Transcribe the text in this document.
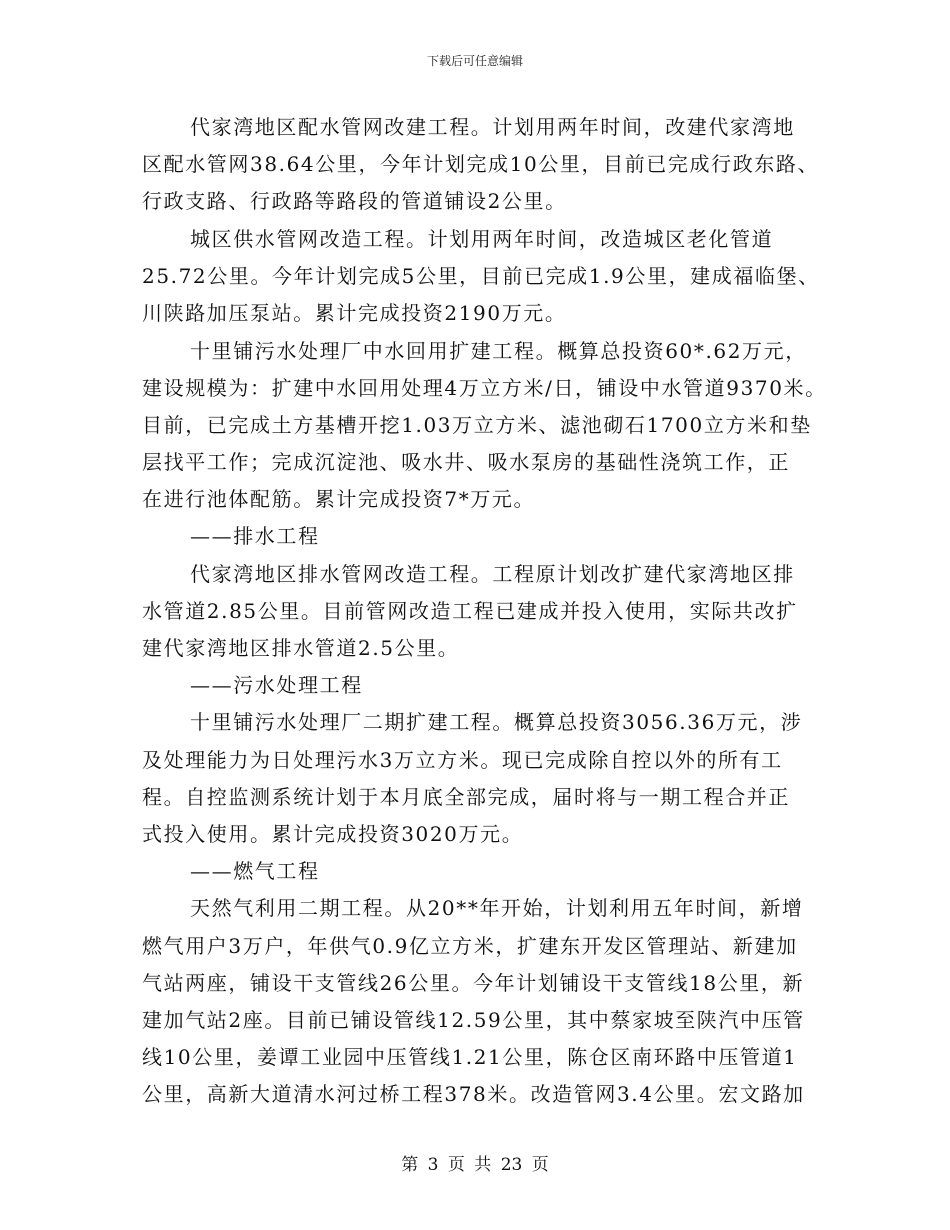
下载后可任意编辑
代家湾地区配水管网改建工程。计划用两年时间，改建代家湾地
区配水管网38.64公里，今年计划完成10公里，目前已完成行政东路、
行政支路、行政路等路段的管道铺设2公里。
城区供水管网改造工程。计划用两年时间，改造城区老化管道
25.72公里。今年计划完成5公里，目前已完成1.9公里，建成福临堡、
川陕路加压泵站。累计完成投资2190万元。
十里铺污水处理厂中水回用扩建工程。概算总投资60*.62万元，
建设规模为：扩建中水回用处理4万立方米/日，铺设中水管道9370米。
目前，已完成土方基槽开挖1.03万立方米、滤池砌石1700立方米和垫
层找平工作；完成沉淀池、吸水井、吸水泵房的基础性浇筑工作，正
在进行池体配筋。累计完成投资7*万元。
——排水工程
代家湾地区排水管网改造工程。工程原计划改扩建代家湾地区排
水管道2.85公里。目前管网改造工程已建成并投入使用，实际共改扩
建代家湾地区排水管道2.5公里。
——污水处理工程
十里铺污水处理厂二期扩建工程。概算总投资3056.36万元，涉
及处理能力为日处理污水3万立方米。现已完成除自控以外的所有工
程。自控监测系统计划于本月底全部完成，届时将与一期工程合并正
式投入使用。累计完成投资3020万元。
——燃气工程
天然气利用二期工程。从20**年开始，计划利用五年时间，新增
燃气用户3万户，年供气0.9亿立方米，扩建东开发区管理站、新建加
气站两座，铺设干支管线26公里。今年计划铺设干支管线18公里，新
建加气站2座。目前已铺设管线12.59公里，其中蔡家坡至陕汽中压管
线10公里，姜谭工业园中压管线1.21公里，陈仓区南环路中压管道1
公里，高新大道清水河过桥工程378米。改造管网3.4公里。宏文路加
第 3 页 共 23 页
